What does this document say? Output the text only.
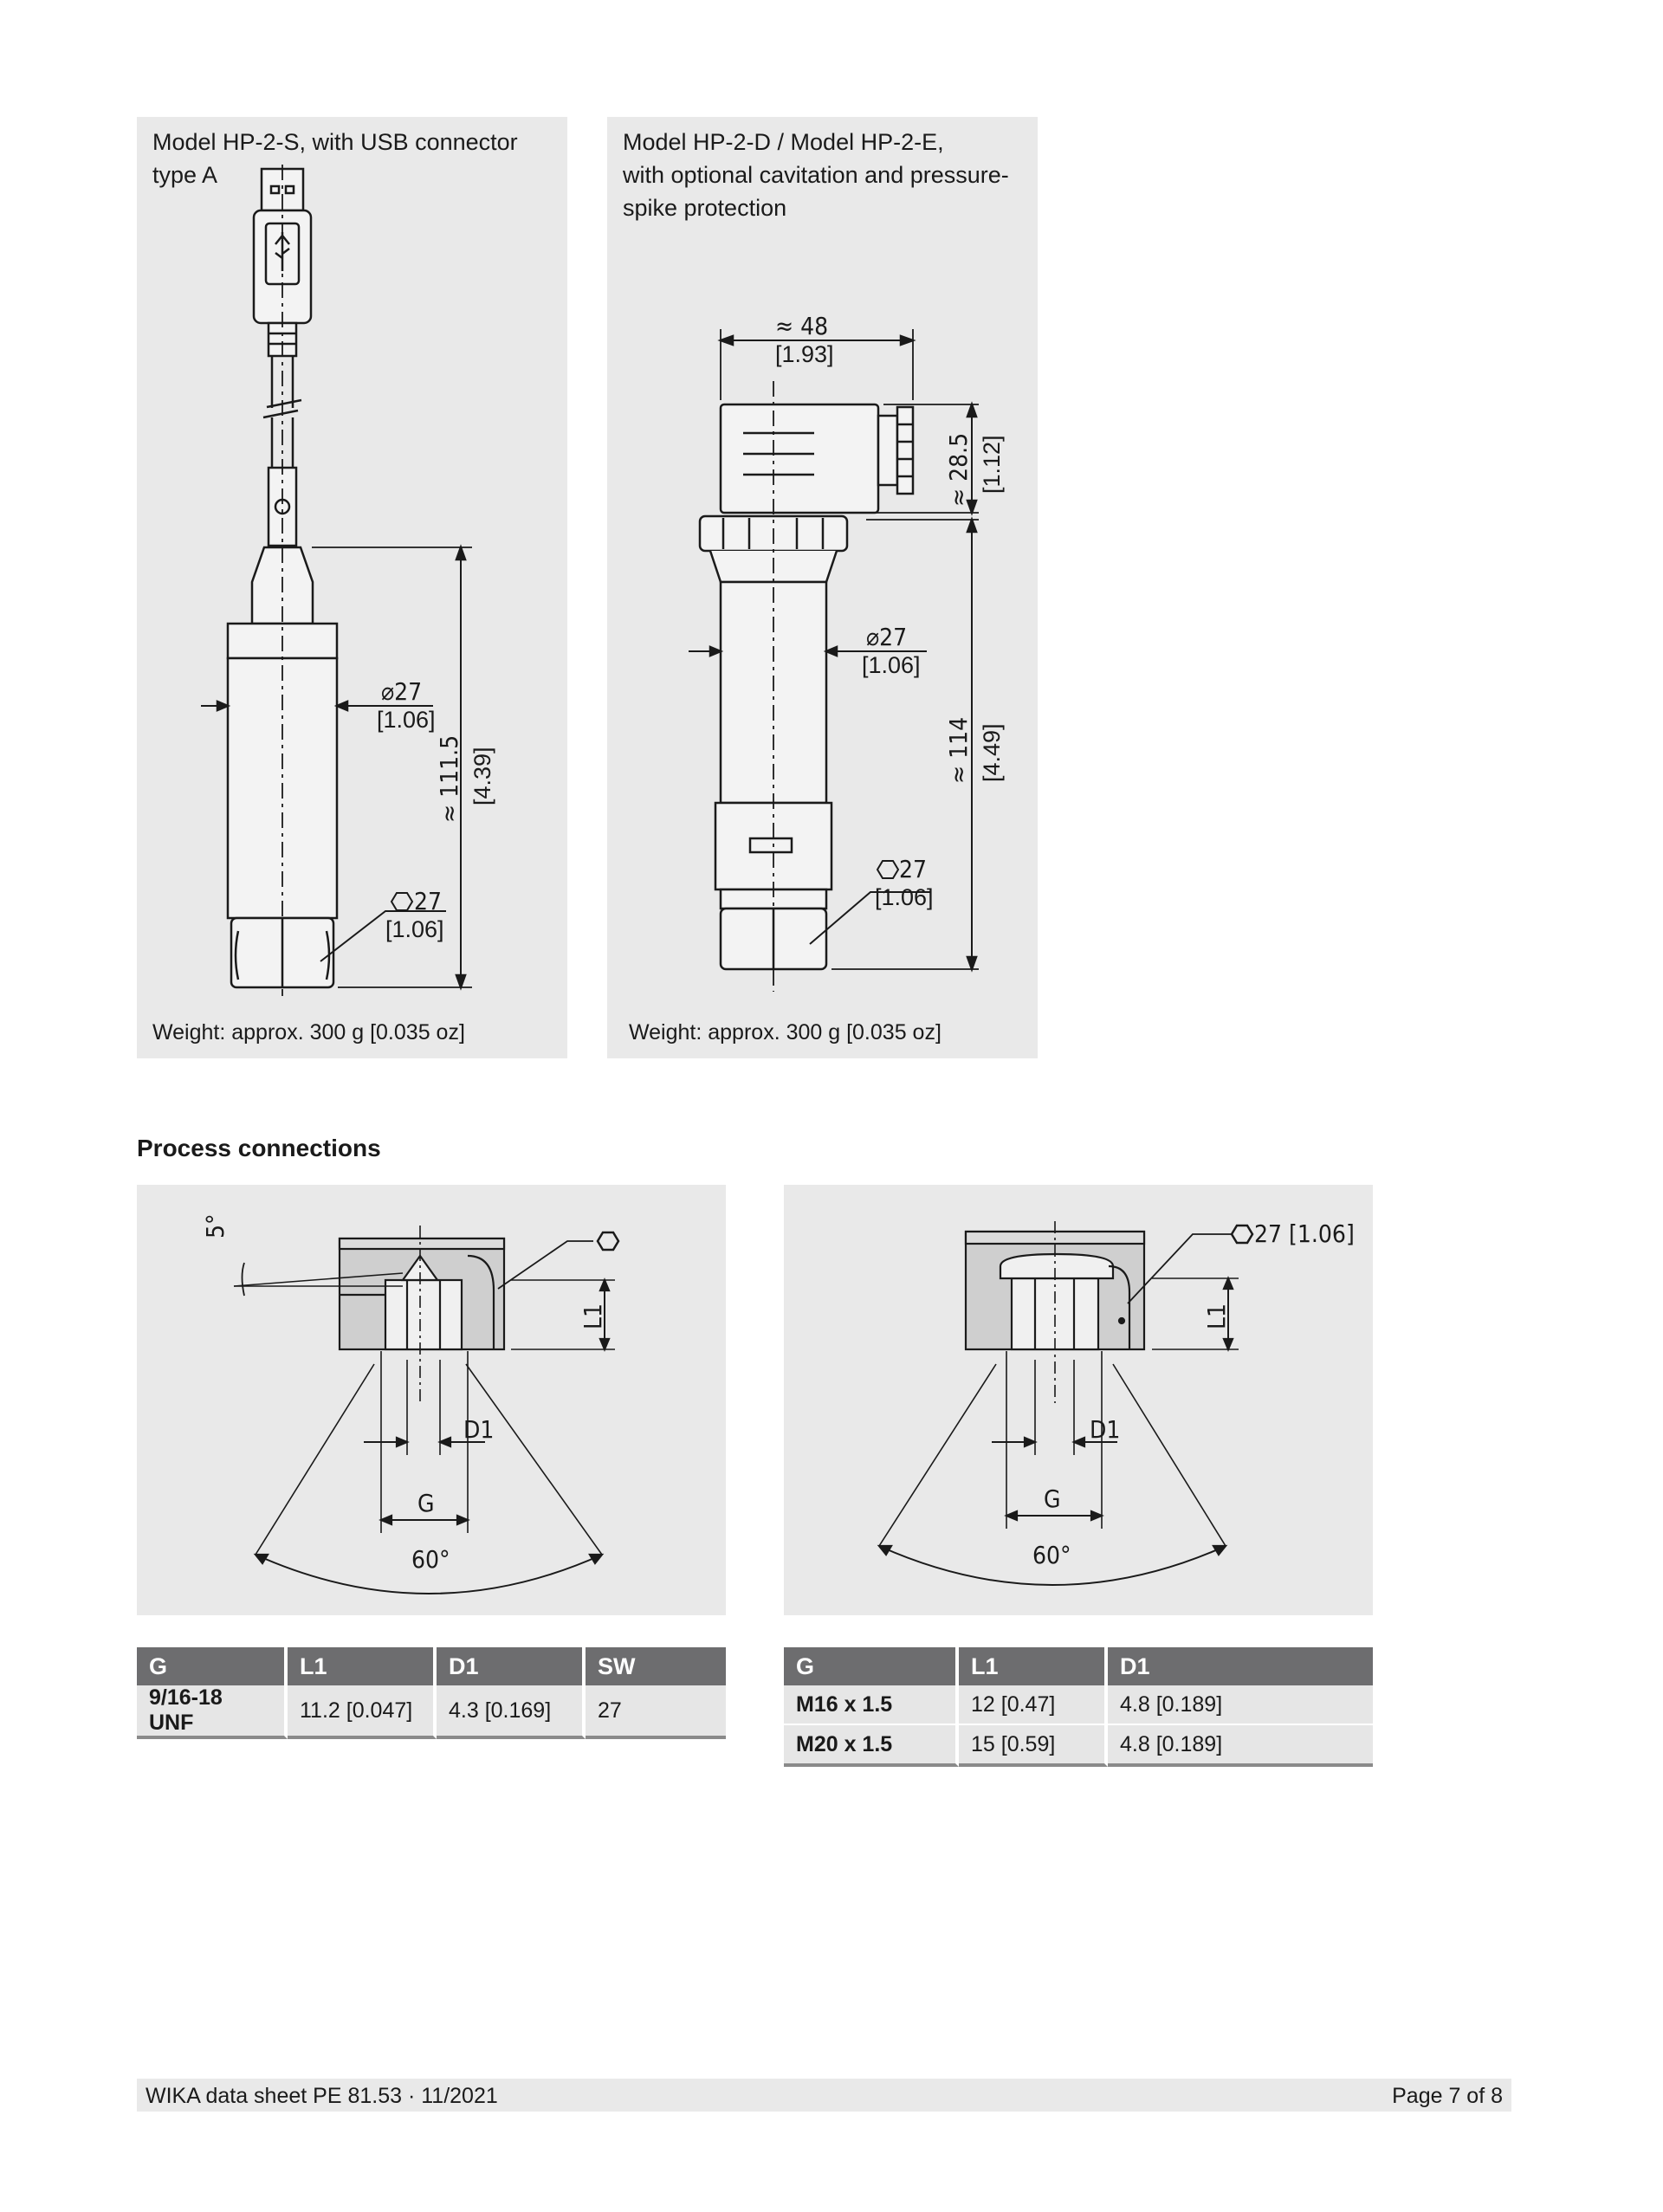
Model HP-2-S, with USB connector
type A
Weight: approx. 300 g [0.035 oz]
Model HP-2-D / Model HP-2-E,
with optional cavitation and pressure-
spike protection
Weight: approx. 300 g [0.035 oz]
⌀27
[1.06]
27
[1.06]
≈ 111.5 [4.39]
≈ 48
[1.93]
≈ 28.5 [1.12]
⌀27
[1.06]
≈ 114 [4.49]
27
[1.06]
Process connections
5°
L1
D1
G
60°
27 [1.06]
L1
D1
G
60°
G	L1	D1	SW
9/16-18 UNF	11.2 [0.047]	4.3 [0.169]	27
G	L1	D1
M16 x 1.5	12 [0.47]	4.8 [0.189]
M20 x 1.5	15 [0.59]	4.8 [0.189]
WIKA data sheet PE 81.53 · 11/2021	Page 7 of 8
